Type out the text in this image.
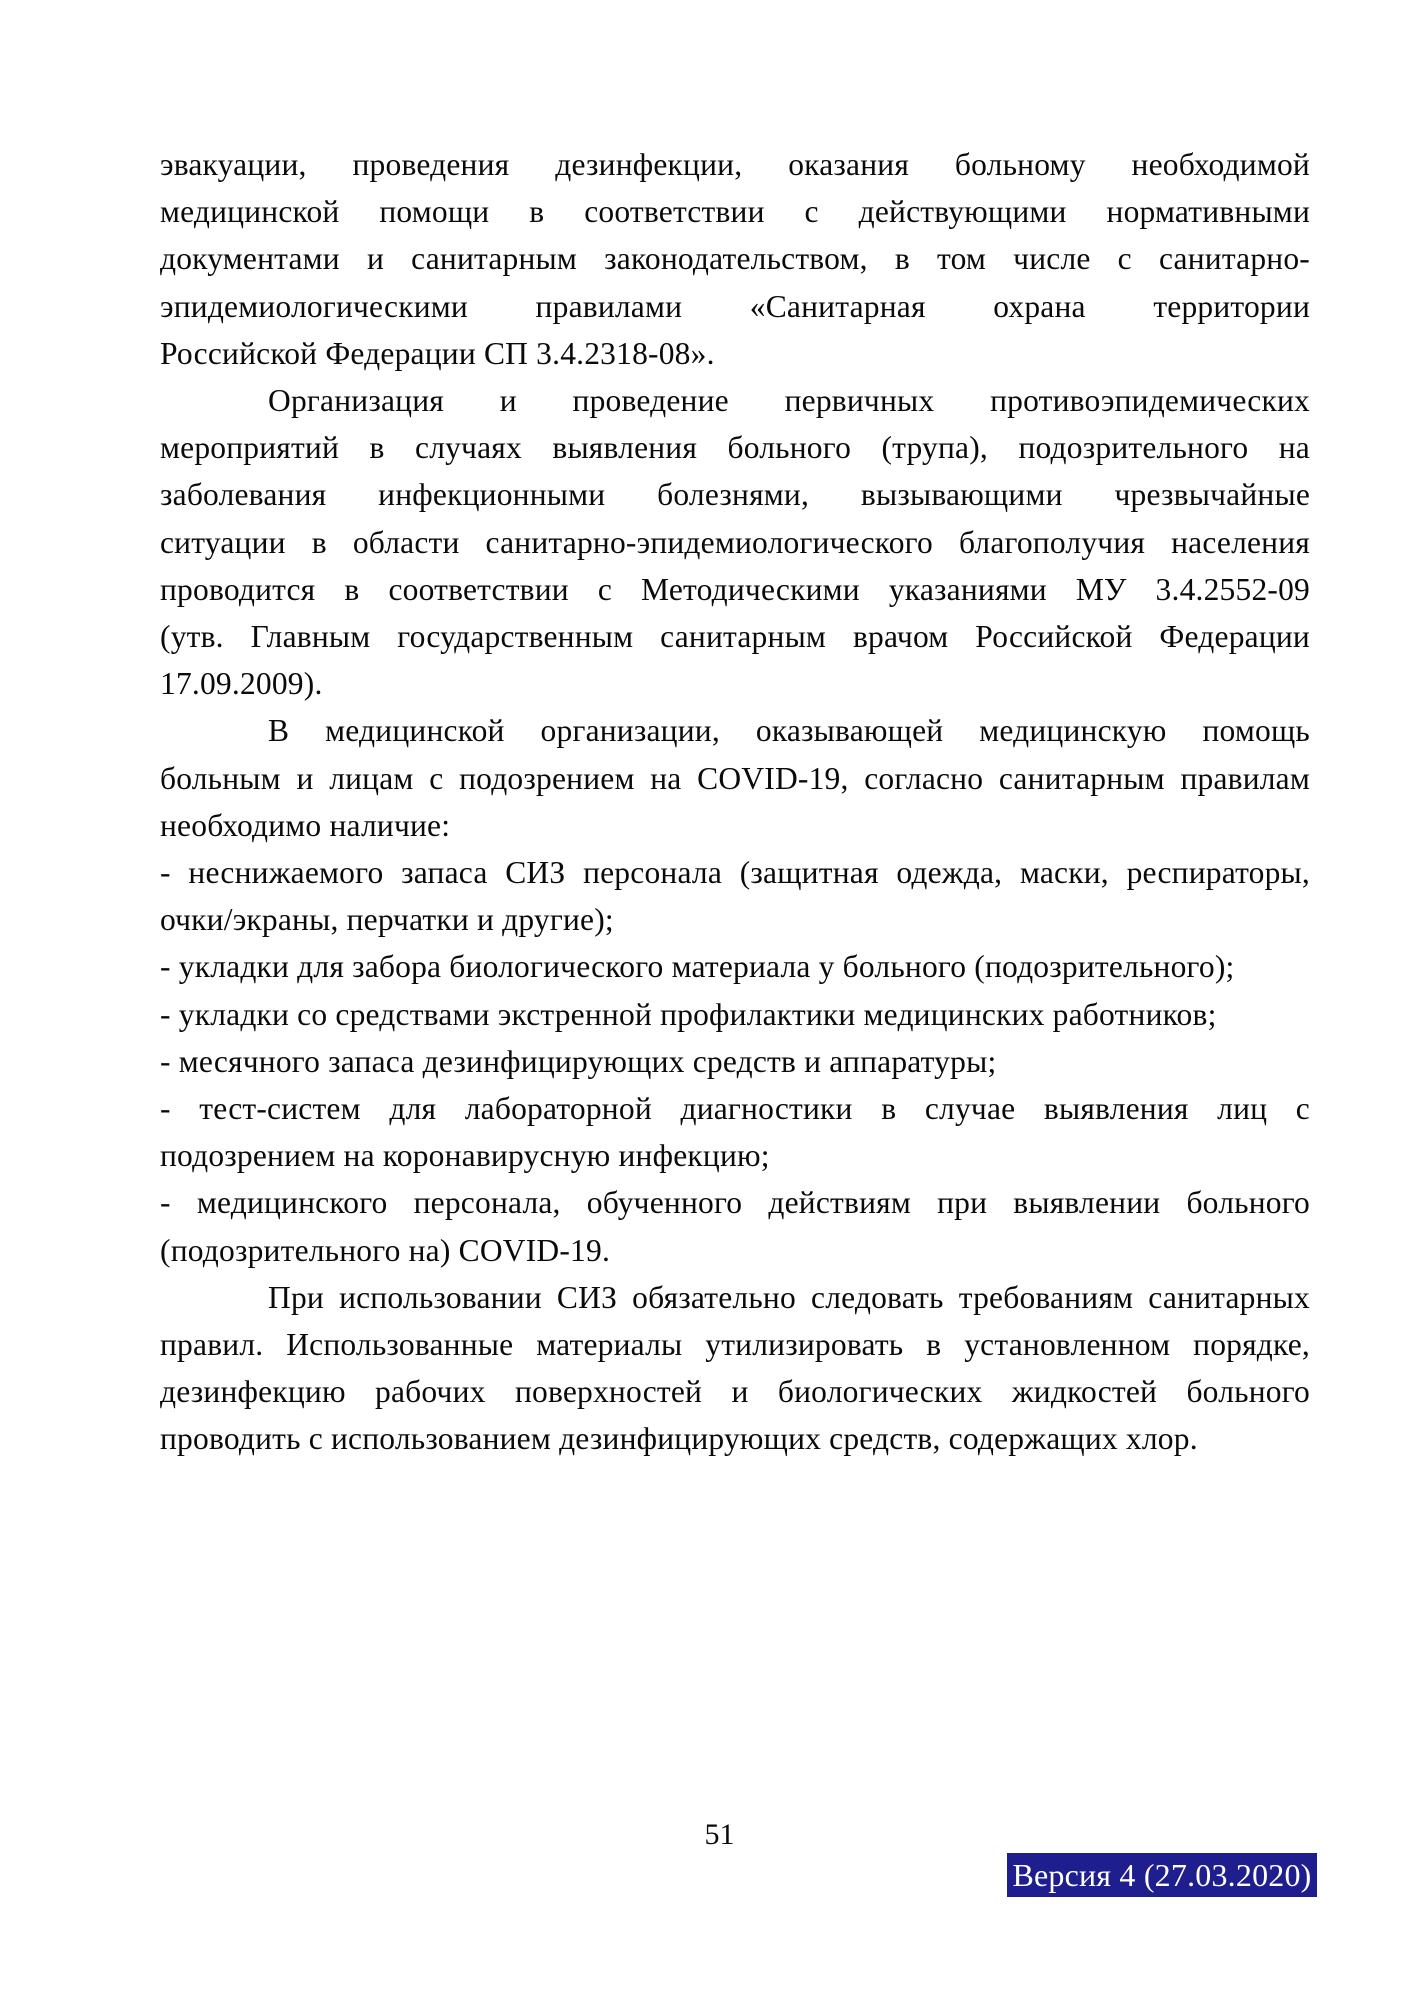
эвакуации, проведения дезинфекции, оказания больному необходимой
медицинской помощи в соответствии с действующими нормативными
документами и санитарным законодательством, в том числе с санитарно-
эпидемиологическими правилами «Санитарная охрана территории
Российской Федерации СП 3.4.2318-08».
Организация и проведение первичных противоэпидемических
мероприятий в случаях выявления больного (трупа), подозрительного на
заболевания инфекционными болезнями, вызывающими чрезвычайные
ситуации в области санитарно-эпидемиологического благополучия населения
проводится в соответствии с Методическими указаниями МУ 3.4.2552-09
(утв. Главным государственным санитарным врачом Российской Федерации
17.09.2009).
В медицинской организации, оказывающей медицинскую помощь
больным и лицам с подозрением на COVID-19, согласно санитарным правилам
необходимо наличие:
- неснижаемого запаса СИЗ персонала (защитная одежда, маски, респираторы,
очки/экраны, перчатки и другие);
- укладки для забора биологического материала у больного (подозрительного);
- укладки со средствами экстренной профилактики медицинских работников;
- месячного запаса дезинфицирующих средств и аппаратуры;
- тест-систем для лабораторной диагностики в случае выявления лиц с
подозрением на коронавирусную инфекцию;
- медицинского персонала, обученного действиям при выявлении больного
(подозрительного на) COVID-19.
При использовании СИЗ обязательно следовать требованиям санитарных
правил. Использованные материалы утилизировать в установленном порядке,
дезинфекцию рабочих поверхностей и биологических жидкостей больного
проводить с использованием дезинфицирующих средств, содержащих хлор.
51
Версия 4 (27.03.2020)
